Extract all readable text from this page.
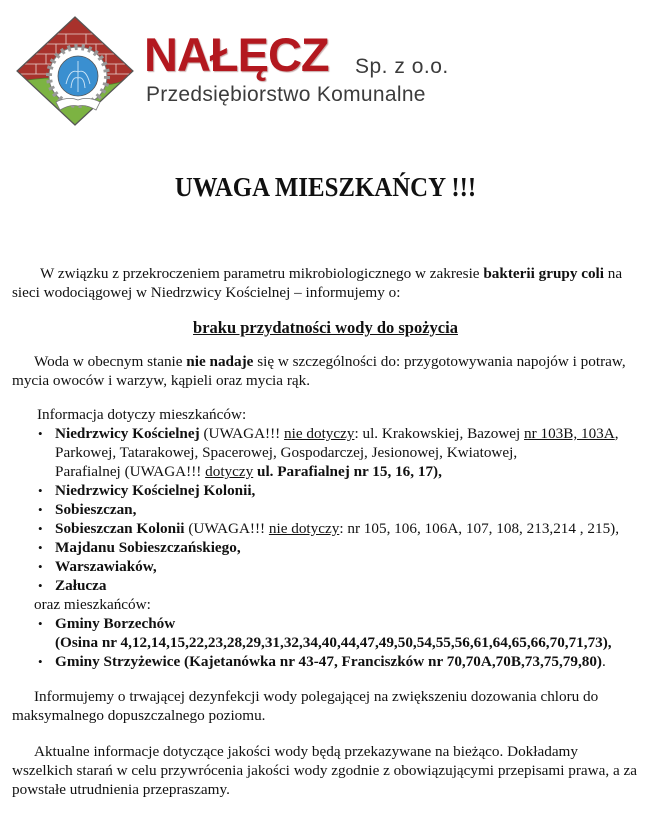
NAŁĘCZ Sp. z o.o.
Przedsiębiorstwo Komunalne
UWAGA MIESZKAŃCY !!!
W związku z przekroczeniem parametru mikrobiologicznego w zakresie bakterii grupy coli na sieci wodociągowej w Niedrzwicy Kościelnej – informujemy o:
braku przydatności wody do spożycia
Woda w obecnym stanie nie nadaje się w szczególności do: przygotowywania napojów i potraw, mycia owoców i warzyw, kąpieli oraz mycia rąk.
Informacja dotyczy mieszkańców:
• Niedrzwicy Kościelnej (UWAGA!!! nie dotyczy: ul. Krakowskiej, Bazowej nr 103B, 103A,
Parkowej, Tatarakowej, Spacerowej, Gospodarczej, Jesionowej, Kwiatowej,
Parafialnej (UWAGA!!! dotyczy ul. Parafialnej nr 15, 16, 17),
• Niedrzwicy Kościelnej Kolonii,
• Sobieszczan,
• Sobieszczan Kolonii (UWAGA!!! nie dotyczy: nr 105, 106, 106A, 107, 108, 213,214 , 215),
• Majdanu Sobieszczańskiego,
• Warszawiaków,
• Załucza
oraz mieszkańców:
• Gminy Borzechów
(Osina nr 4,12,14,15,22,23,28,29,31,32,34,40,44,47,49,50,54,55,56,61,64,65,66,70,71,73),
• Gminy Strzyżewice (Kajetanówka nr 43-47, Franciszków nr 70,70A,70B,73,75,79,80).
Informujemy o trwającej dezynfekcji wody polegającej na zwiększeniu dozowania chloru do maksymalnego dopuszczalnego poziomu.
Aktualne informacje dotyczące jakości wody będą przekazywane na bieżąco. Dokładamy wszelkich starań w celu przywrócenia jakości wody zgodnie z obowiązującymi przepisami prawa, a za powstałe utrudnienia przepraszamy.
